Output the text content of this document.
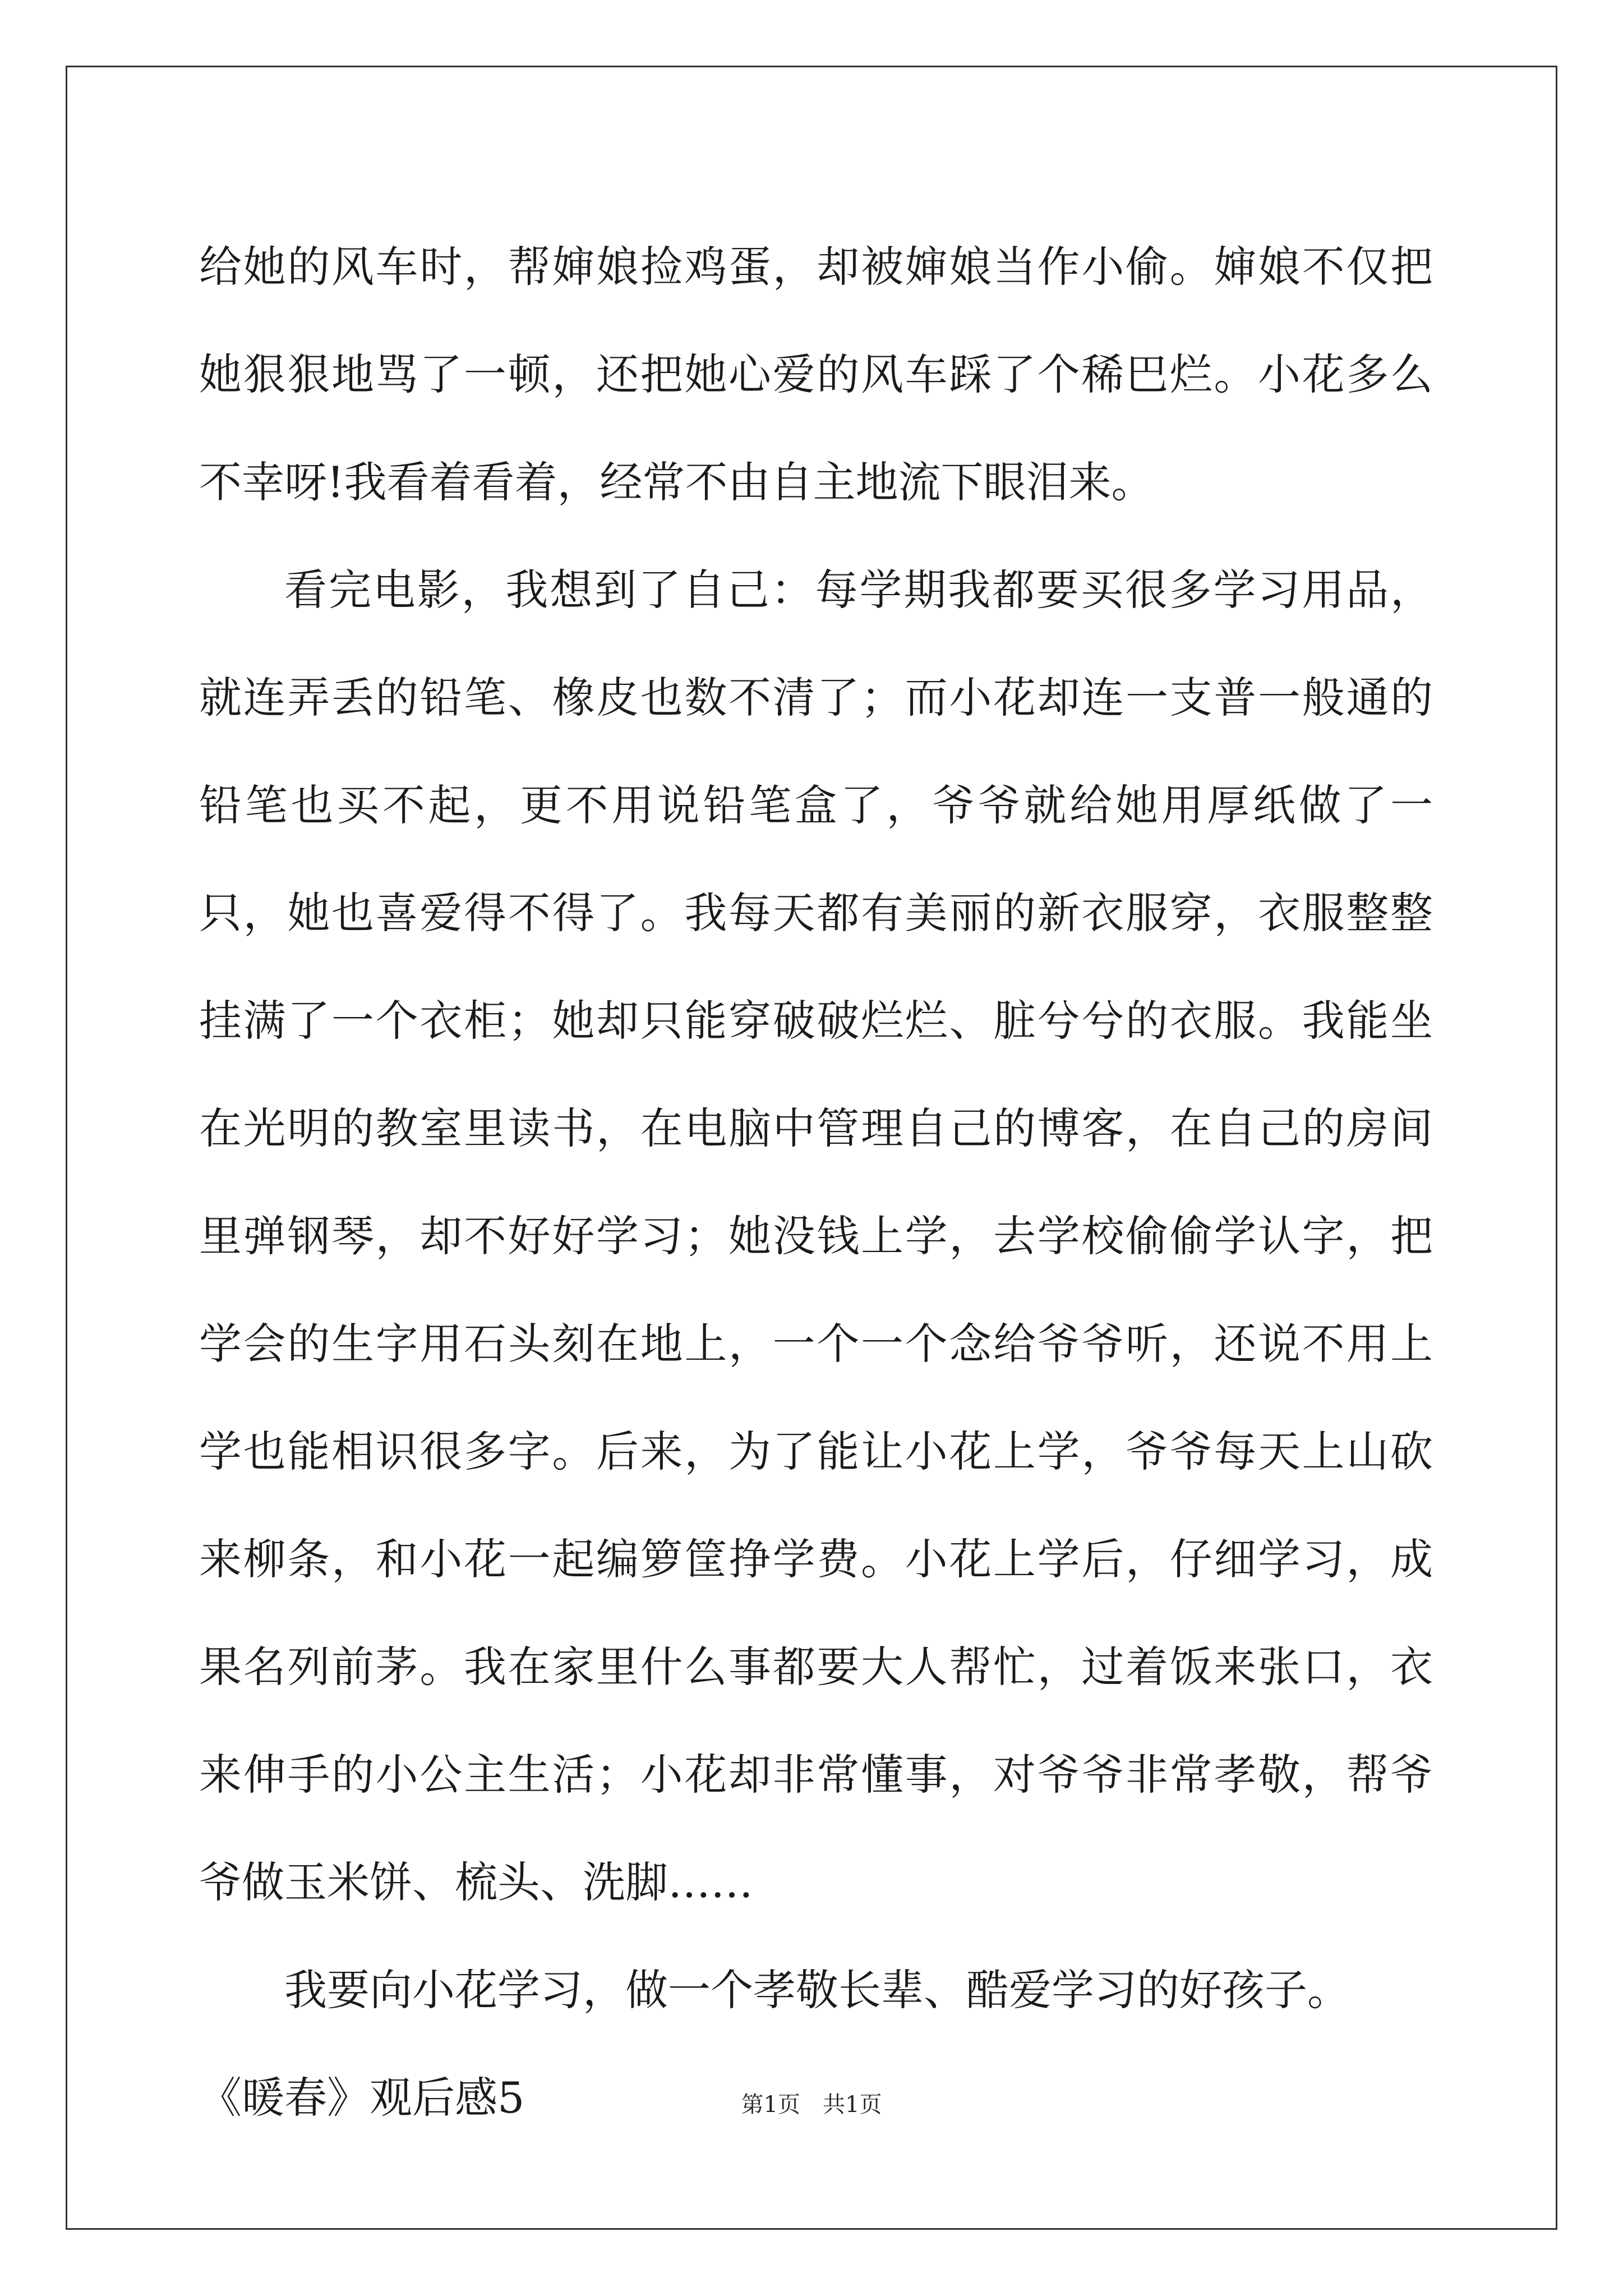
给她的风车时，帮婶娘捡鸡蛋，却被婶娘当作小偷。婶娘不仅把她狠狠地骂了一顿，还把她心爱的风车踩了个稀巴烂。小花多么不幸呀!我看着看着，经常不由自主地流下眼泪来。

看完电影，我想到了自己：每学期我都要买很多学习用品，就连弄丢的铅笔、橡皮也数不清了；而小花却连一支普一般通的铅笔也买不起，更不用说铅笔盒了，爷爷就给她用厚纸做了一只，她也喜爱得不得了。我每天都有美丽的新衣服穿，衣服整整挂满了一个衣柜；她却只能穿破破烂烂、脏兮兮的衣服。我能坐在光明的教室里读书，在电脑中管理自己的博客，在自己的房间里弹钢琴，却不好好学习；她没钱上学，去学校偷偷学认字，把学会的生字用石头刻在地上，一个一个念给爷爷听，还说不用上学也能相识很多字。后来，为了能让小花上学，爷爷每天上山砍来柳条，和小花一起编箩筐挣学费。小花上学后，仔细学习，成果名列前茅。我在家里什么事都要大人帮忙，过着饭来张口，衣来伸手的小公主生活；小花却非常懂事，对爷爷非常孝敬，帮爷爷做玉米饼、梳头、洗脚……

我要向小花学习，做一个孝敬长辈、酷爱学习的好孩子。

《暖春》观后感5	第1页 共1页
